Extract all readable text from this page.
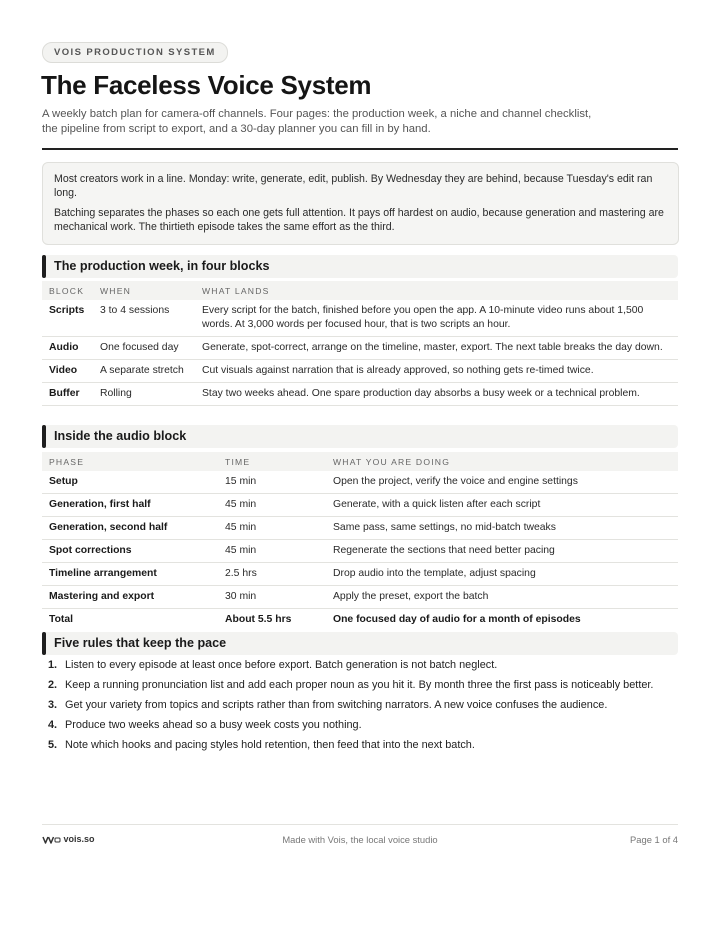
VOIS PRODUCTION SYSTEM
The Faceless Voice System
A weekly batch plan for camera-off channels. Four pages: the production week, a niche and channel checklist, the pipeline from script to export, and a 30-day planner you can fill in by hand.

Most creators work in a line. Monday: write, generate, edit, publish. By Wednesday they are behind, because Tuesday's edit ran long.

Batching separates the phases so each one gets full attention. It pays off hardest on audio, because generation and mastering are mechanical work. The thirtieth episode takes the same effort as the third.

The production week, in four blocks
BLOCK	WHEN	WHAT LANDS
Scripts	3 to 4 sessions	Every script for the batch, finished before you open the app. A 10-minute video runs about 1,500 words. At 3,000 words per focused hour, that is two scripts an hour.
Audio	One focused day	Generate, spot-correct, arrange on the timeline, master, export. The next table breaks the day down.
Video	A separate stretch	Cut visuals against narration that is already approved, so nothing gets re-timed twice.
Buffer	Rolling	Stay two weeks ahead. One spare production day absorbs a busy week or a technical problem.
Inside the audio block
PHASE	TIME	WHAT YOU ARE DOING
Setup	15 min	Open the project, verify the voice and engine settings
Generation, first half	45 min	Generate, with a quick listen after each script
Generation, second half	45 min	Same pass, same settings, no mid-batch tweaks
Spot corrections	45 min	Regenerate the sections that need better pacing
Timeline arrangement	2.5 hrs	Drop audio into the template, adjust spacing
Mastering and export	30 min	Apply the preset, export the batch
Total	About 5.5 hrs	One focused day of audio for a month of episodes
Five rules that keep the pace
1. Listen to every episode at least once before export. Batch generation is not batch neglect.
2. Keep a running pronunciation list and add each proper noun as you hit it. By month three the first pass is noticeably better.
3. Get your variety from topics and scripts rather than from switching narrators. A new voice confuses the audience.
4. Produce two weeks ahead so a busy week costs you nothing.
5. Note which hooks and pacing styles hold retention, then feed that into the next batch.
vois.so	Made with Vois, the local voice studio	Page 1 of 4
